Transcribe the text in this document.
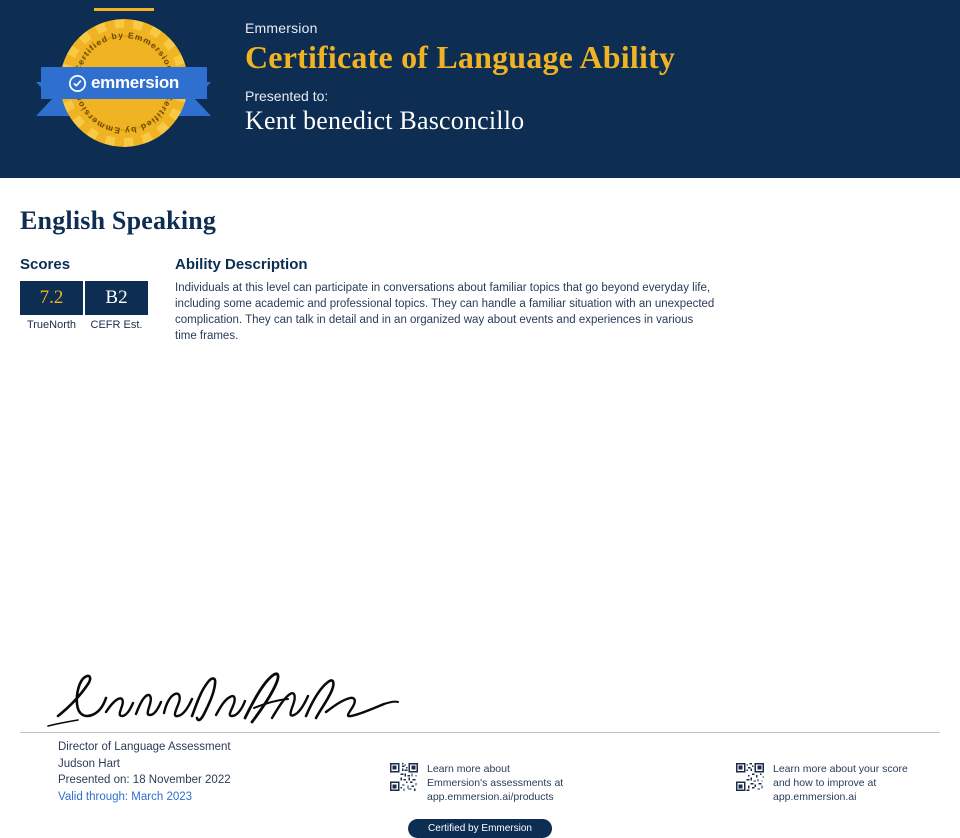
ertified by Emmersio
ertified by Emmersio
emmersion
Emmersion
Certificate of Language Ability
Presented to:
Kent benedict Basconcillo
English Speaking
Scores
7.2	B2
TrueNorth	CEFR Est.
Ability Description
Individuals at this level can participate in conversations about familiar topics that go beyond everyday life, including some academic and professional topics. They can handle a familiar situation with an unexpected complication. They can talk in detail and in an organized way about events and experiences in various time frames.
Director of Language Assessment
Judson Hart
Presented on: 18 November 2022
Valid through: March 2023
Learn more about
Emmersion's assessments at
app.emmersion.ai/products
Learn more about your score
and how to improve at
app.emmersion.ai
Certified by Emmersion
